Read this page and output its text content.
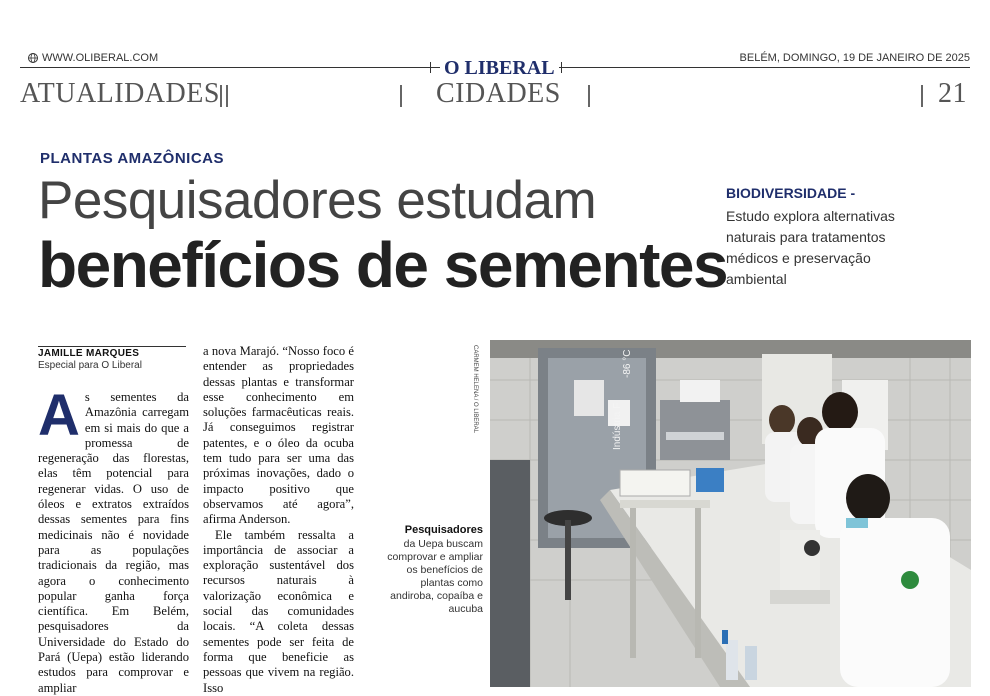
WWW.OLIBERAL.COM	O LIBERAL	BELÉM, DOMINGO, 19 DE JANEIRO DE 2025
ATUALIDADES	CIDADES	21
PLANTAS AMAZÔNICAS
Pesquisadores estudam
benefícios de sementes
BIODIVERSIDADE -
Estudo explora alternativas naturais para tratamentos médicos e preservação ambiental
JAMILLE MARQUES
Especial para O Liberal
As sementes da Amazônia carregam em si mais do que a promessa de regeneração das florestas, elas têm potencial para regenerar vidas. O uso de óleos e extratos extraídos dessas sementes para fins medicinais não é novidade para as populações tradicionais da região, mas agora o conhecimento popular ganha força científica. Em Belém, pesquisadores da Universidade do Estado do Pará (Uepa) estão liderando estudos para comprovar e ampliar

a nova Marajó. “Nosso foco é entender as propriedades dessas plantas e transformar esse conhecimento em soluções farmacêuticas reais. Já conseguimos registrar patentes, e o óleo da ocuba tem tudo para ser uma das próximas inovações, dado o impacto positivo que observamos até agora”, afirma Anderson.

Ele também ressalta a importância de associar a exploração sustentável dos recursos naturais à valorização econômica e social das comunidades locais. “A coleta dessas sementes pode ser feita de forma que beneficie as pessoas que vivem na região. Isso

CARMEM HELENA / O LIBERAL
Pesquisadores
da Uepa buscam comprovar e ampliar os benefícios de plantas como andiroba, copaíba e aucuba
Indústria F
-86 °C
